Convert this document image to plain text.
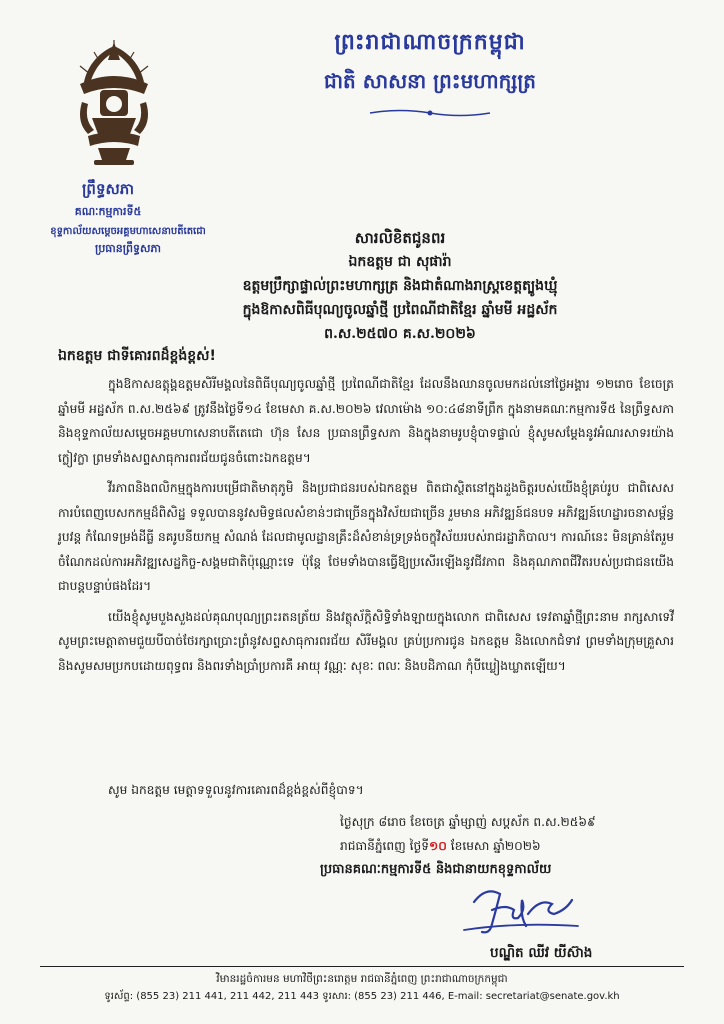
ព្រះរាជាណាចក្រកម្ពុជា
ជាតិ សាសនា ព្រះមហាក្សត្រ
ព្រឹទ្ធសភា
គណៈកម្មការទី៥
ខុទ្ទកាល័យសម្តេចអគ្គមហាសេនាបតីតេជោ
ប្រធានព្រឹទ្ធសភា
សារលិខិតជូនពរ
ឯកឧត្តម ជា សុផារ៉ា
ឧត្តមប្រឹក្សាផ្ទាល់ព្រះមហាក្សត្រ និងជាតំណាងរាស្រ្តខេត្តត្បូងឃ្មុំ
ក្នុងឱកាសពិធីបុណ្យចូលឆ្នាំថ្មី ប្រពៃណីជាតិខ្មែរ ឆ្នាំមមី អដ្ឋស័ក
ព.ស.២៥៧០ គ.ស.២០២៦
ឯកឧត្តម ជាទីគោរពដ៏ខ្ពង់ខ្ពស់!

ក្នុងឱកាសឧត្តុង្គឧត្តមសិរីមង្គលនៃពិធីបុណ្យចូលឆ្នាំថ្មី ប្រពៃណីជាតិខ្មែរ ដែលនឹងឈានចូលមកដល់នៅថ្ងៃអង្គារ ១២រោច ខែចេត្រ ឆ្នាំមមី អដ្ឋស័ក ព.ស.២៥៦៩ ត្រូវនឹងថ្ងៃទី១៤ ខែមេសា គ.ស.២០២៦ វេលាម៉ោង ១០:៤៨នាទីព្រឹក ក្នុងនាមគណៈកម្មការទី៥ នៃព្រឹទ្ធសភា និងខុទ្ទកាល័យសម្តេចអគ្គមហាសេនាបតីតេជោ ហ៊ុន សែន ប្រធានព្រឹទ្ធសភា និងក្នុងនាមរូបខ្ញុំបាទផ្ទាល់ ខ្ញុំសូមសម្តែងនូវអំណរសាទរយ៉ាងក្លៀវក្លា ព្រមទាំងសព្ទសាធុការពរជ័យជូនចំពោះឯកឧត្តម។

វីរភាពនិងពលិកម្មក្នុងការបម្រើជាតិមាតុភូមិ និងប្រជាជនរបស់ឯកឧត្តម ពិតជាស្ថិតនៅក្នុងដួងចិត្តរបស់យើងខ្ញុំគ្រប់រូប ជាពិសេស ការបំពេញបេសកកម្មដ៏ពិសិដ្ឋ ទទួលបាននូវសមិទ្ធផលសំខាន់ៗជាច្រើនក្នុងវិស័យជាច្រើន រួមមាន អភិវឌ្ឍន៍ជនបទ អភិវឌ្ឍន៍ហេដ្ឋារចនាសម្ព័ន្ធរូបវន្ត កំណែទម្រង់ដីធ្លី នគរូបនីយកម្ម សំណង់ ដែលជាមូលដ្ឋានគ្រឹះដ៏សំខាន់ទ្រទ្រង់ចក្ខុវិស័យរបស់រាជរដ្ឋាភិបាល។ ការណ៍នេះ មិនគ្រាន់តែរួមចំណែកដល់ការអភិវឌ្ឍសេដ្ឋកិច្ច-សង្គមជាតិប៉ុណ្ណោះទេ ប៉ុន្តែ ថែមទាំងបានធ្វើឱ្យប្រសើរឡើងនូវជីវភាព និងគុណភាពជីវិតរបស់ប្រជាជនយើងជាបន្តបន្ទាប់ផងដែរ។

យើងខ្ញុំសូមបួងសួងដល់គុណបុណ្យព្រះរតនត្រ័យ និងវត្ថុស័ក្តិសិទ្ធិទាំងឡាយក្នុងលោក ជាពិសេស ទេវតាឆ្នាំថ្មីព្រះនាម រាក្សសាទេវី សូមព្រះមេត្តាតាមជួយបីបាច់ថែរក្សាប្រោះព្រំនូវសព្ទសាធុការពរជ័យ សិរីមង្គល គ្រប់ប្រការជូន ឯកឧត្តម និងលោកជំទាវ ព្រមទាំងក្រុមគ្រួសារ និងសូមសមប្រកបដោយពុទ្ធពរ និងពរទាំងប្រាំប្រការគឺ អាយុ វណ្ណៈ សុខៈ ពលៈ និងបដិភាណ កុំបីឃ្លៀងឃ្លាតឡើយ។

សូម ឯកឧត្តម មេត្តាទទួលនូវការគោរពដ៏ខ្ពង់ខ្ពស់ពីខ្ញុំបាទ។
ថ្ងៃសុក្រ ៨រោច ខែចេត្រ ឆ្នាំម្សាញ់ សប្តស័ក ព.ស.២៥៦៩
រាជធានីភ្នំពេញ ថ្ងៃទី១០ ខែមេសា ឆ្នាំ២០២៦
ប្រធានគណៈកម្មការទី៥ និងជានាយកខុទ្ទកាល័យ
បណ្ឌិត ឈីវ យីស៊ាង
វិមានរដ្ឋចំការមន មហាវិថីព្រះនរោត្តម រាជធានីភ្នំពេញ ព្រះរាជាណាចក្រកម្ពុជា
ទូរស័ព្ទ: (855 23) 211 441, 211 442, 211 443 ទូរសារ: (855 23) 211 446, E-mail: secretariat@senate.gov.kh
